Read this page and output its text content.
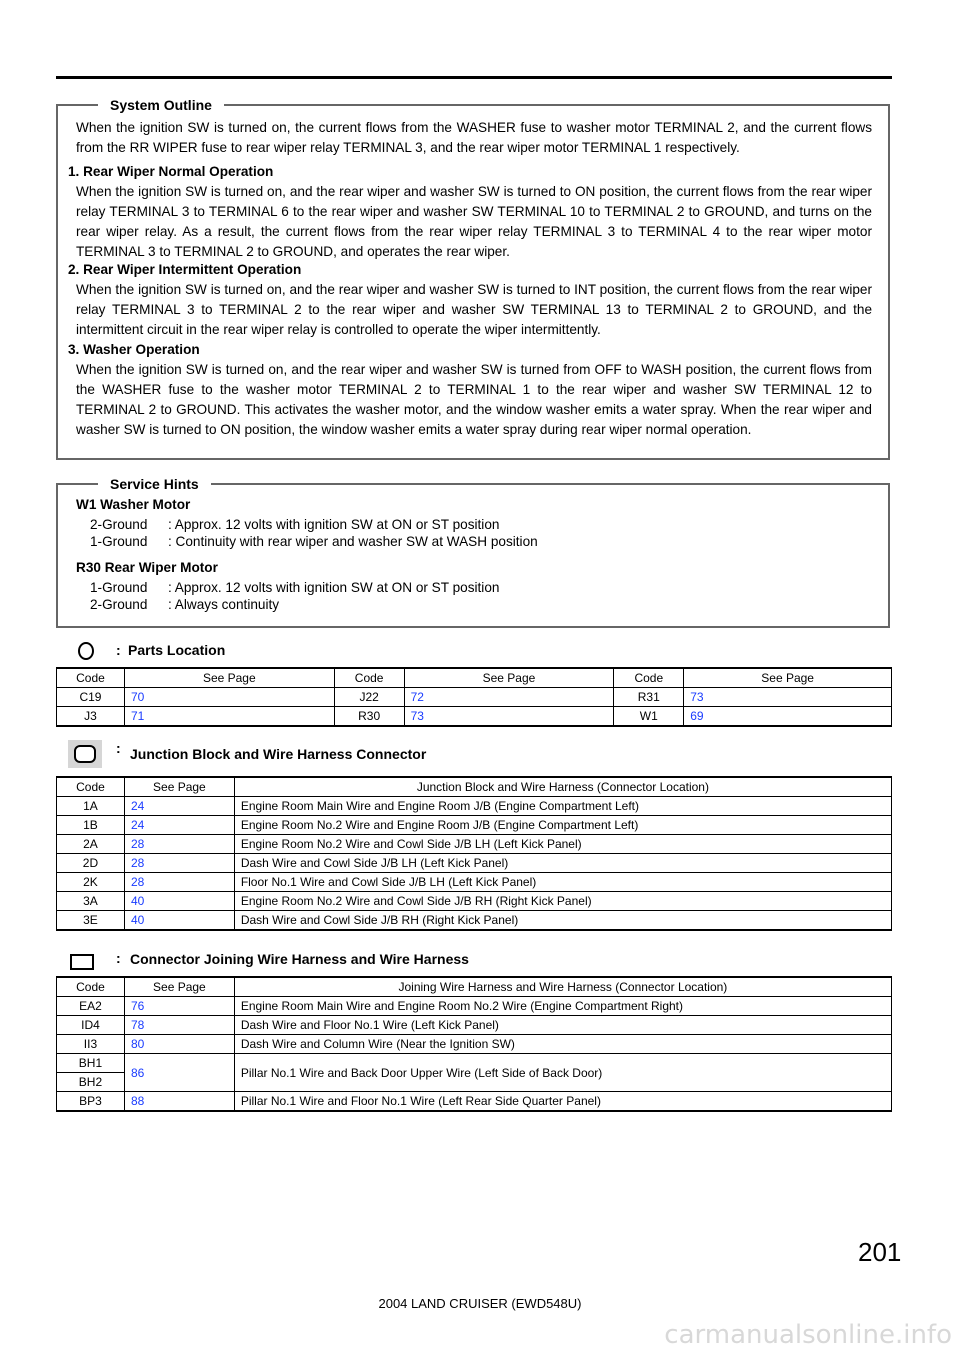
System Outline
When the ignition SW is turned on, the current flows from the WASHER fuse to washer motor TERMINAL 2, and the current flows from the RR WIPER fuse to rear wiper relay TERMINAL 3, and the rear wiper motor TERMINAL 1 respectively.
1. Rear Wiper Normal Operation
When the ignition SW is turned on, and the rear wiper and washer SW is turned to ON position, the current flows from the rear wiper relay TERMINAL 3 to TERMINAL 6 to the rear wiper and washer SW TERMINAL 10 to TERMINAL 2 to GROUND, and turns on the rear wiper relay. As a result, the current flows from the rear wiper relay TERMINAL 3 to TERMINAL 4 to the rear wiper motor TERMINAL 3 to TERMINAL 2 to GROUND, and operates the rear wiper.
2. Rear Wiper Intermittent Operation
When the ignition SW is turned on, and the rear wiper and washer SW is turned to INT position, the current flows from the rear wiper relay TERMINAL 3 to TERMINAL 2 to the rear wiper and washer SW TERMINAL 13 to TERMINAL 2 to GROUND, and the intermittent circuit in the rear wiper relay is controlled to operate the wiper intermittently.
3. Washer Operation
When the ignition SW is turned on, and the rear wiper and washer SW is turned from OFF to WASH position, the current flows from the WASHER fuse to the washer motor TERMINAL 2 to TERMINAL 1 to the rear wiper and washer SW TERMINAL 12 to TERMINAL 2 to GROUND. This activates the washer motor, and the window washer emits a water spray. When the rear wiper and washer SW is turned to ON position, the window washer emits a water spray during rear wiper normal operation.
Service Hints
W1 Washer Motor
2-Ground : Approx. 12 volts with ignition SW at ON or ST position
1-Ground : Continuity with rear wiper and washer SW at WASH position
R30 Rear Wiper Motor
1-Ground : Approx. 12 volts with ignition SW at ON or ST position
2-Ground : Always continuity
: Parts Location
Code	See Page	Code	See Page	Code	See Page
C19	70	J22	72	R31	73
J3	71	R30	73	W1	69
: Junction Block and Wire Harness Connector
Code	See Page	Junction Block and Wire Harness (Connector Location)
1A	24	Engine Room Main Wire and Engine Room J/B (Engine Compartment Left)
1B	24	Engine Room No.2 Wire and Engine Room J/B (Engine Compartment Left)
2A	28	Engine Room No.2 Wire and Cowl Side J/B LH (Left Kick Panel)
2D	28	Dash Wire and Cowl Side J/B LH (Left Kick Panel)
2K	28	Floor No.1 Wire and Cowl Side J/B LH (Left Kick Panel)
3A	40	Engine Room No.2 Wire and Cowl Side J/B RH (Right Kick Panel)
3E	40	Dash Wire and Cowl Side J/B RH (Right Kick Panel)
: Connector Joining Wire Harness and Wire Harness
Code	See Page	Joining Wire Harness and Wire Harness (Connector Location)
EA2	76	Engine Room Main Wire and Engine Room No.2 Wire (Engine Compartment Right)
ID4	78	Dash Wire and Floor No.1 Wire (Left Kick Panel)
II3	80	Dash Wire and Column Wire (Near the Ignition SW)
BH1	86	Pillar No.1 Wire and Back Door Upper Wire (Left Side of Back Door)
BH2		
BP3	88	Pillar No.1 Wire and Floor No.1 Wire (Left Rear Side Quarter Panel)
201
2004 LAND CRUISER (EWD548U)
carmanualsonline.info
